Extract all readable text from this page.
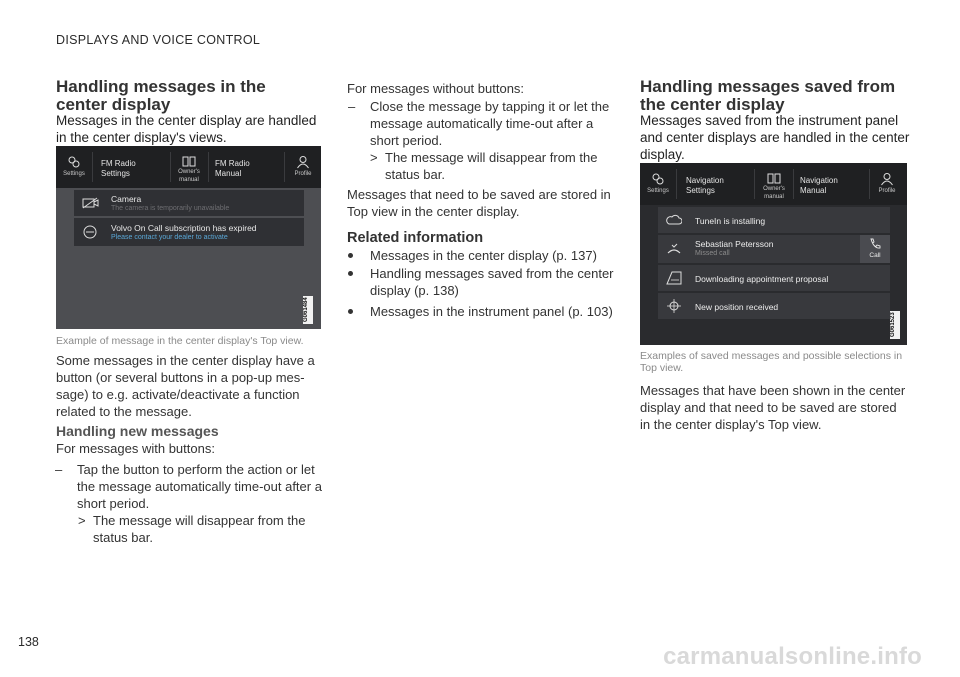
DISPLAYS AND VOICE CONTROL
Handling messages in the center display

Messages in the center display are handled in the center display's views.

Settings
FM Radio
Settings	Owner's
manual
FM Radio
Manual	Profile
Camera
The camera is temporarily unavailable
Volvo On Call subscription has expired
Please contact your dealer to activate
G061484

Example of message in the center display's Top view.

Some messages in the center display have a button (or several buttons in a pop-up mes-sage) to e.g. activate/deactivate a function related to the message.

Handling new messages

For messages with buttons:

– Tap the button to perform the action or let the message automatically time-out after a short period.
> The message will disappear from the status bar.

For messages without buttons:

– Close the message by tapping it or let the message automatically time-out after a short period.
> The message will disappear from the status bar.

Messages that need to be saved are stored in Top view in the center display.

Related information
Messages in the center display (p. 137)
Handling messages saved from the center display (p. 138)
Messages in the instrument panel (p. 103)
Handling messages saved from the center display

Messages saved from the instrument panel and center displays are handled in the center display.

Settings
Navigation
Settings	Owner's
manual
Navigation
Manual	Profile
TuneIn is installing
Sebastian Petersson
Missed call	Call
Downloading appointment proposal
New position received
G061523

Examples of saved messages and possible selections in Top view.

Messages that have been shown in the center display and that need to be saved are stored in the center display's Top view.

138
carmanualsonline.info
